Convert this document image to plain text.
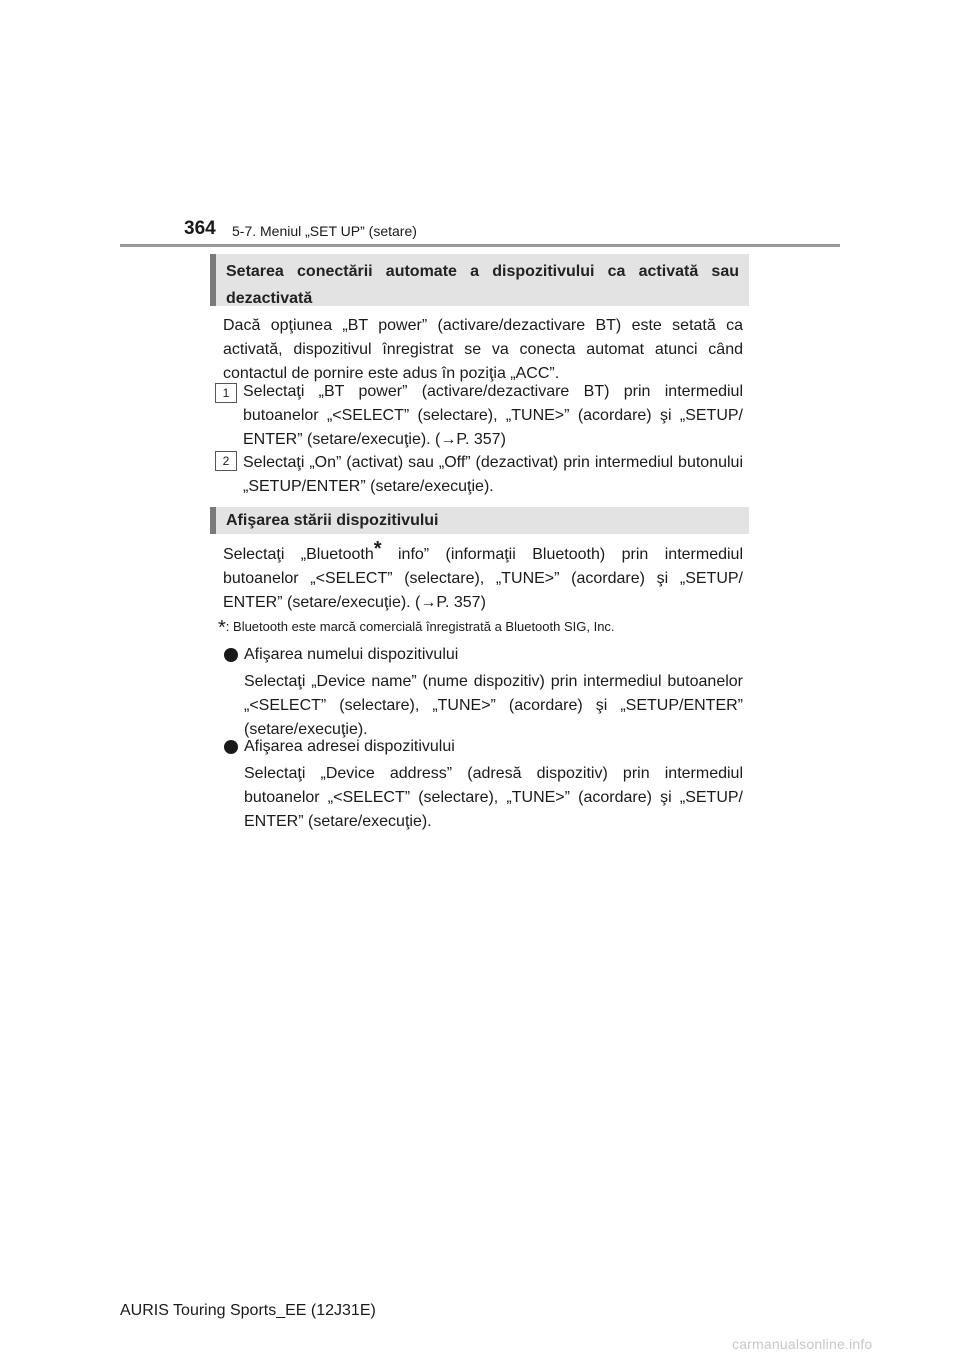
364 5-7. Meniul „SET UP” (setare)
Setarea conectării automate a dispozitivului ca activată sau dezactivată
Dacă opţiunea „BT power” (activare/dezactivare BT) este setată ca activată, dispozitivul înregistrat se va conecta automat atunci când contactul de pornire este adus în poziţia „ACC”.
1 Selectaţi „BT power” (activare/dezactivare BT) prin intermediul butoanelor „<SELECT” (selectare), „TUNE>” (acordare) şi „SETUP/ ENTER” (setare/execuţie). (→P. 357)
2 Selectaţi „On” (activat) sau „Off” (dezactivat) prin intermediul butonului „SETUP/ENTER” (setare/execuţie).
Afişarea stării dispozitivului
Selectaţi „Bluetooth* info” (informaţii Bluetooth) prin intermediul butoanelor „<SELECT” (selectare), „TUNE>” (acordare) şi „SETUP/ ENTER” (setare/execuţie). (→P. 357)
*: Bluetooth este marcă comercială înregistrată a Bluetooth SIG, Inc.
Afişarea numelui dispozitivului
Selectaţi „Device name” (nume dispozitiv) prin intermediul butoanelor „<SELECT” (selectare), „TUNE>” (acordare) şi „SETUP/ENTER” (setare/execuţie).
Afişarea adresei dispozitivului
Selectaţi „Device address” (adresă dispozitiv) prin intermediul butoanelor „<SELECT” (selectare), „TUNE>” (acordare) şi „SETUP/ ENTER” (setare/execuţie).
AURIS Touring Sports_EE (12J31E)
carmanualsonline.info
